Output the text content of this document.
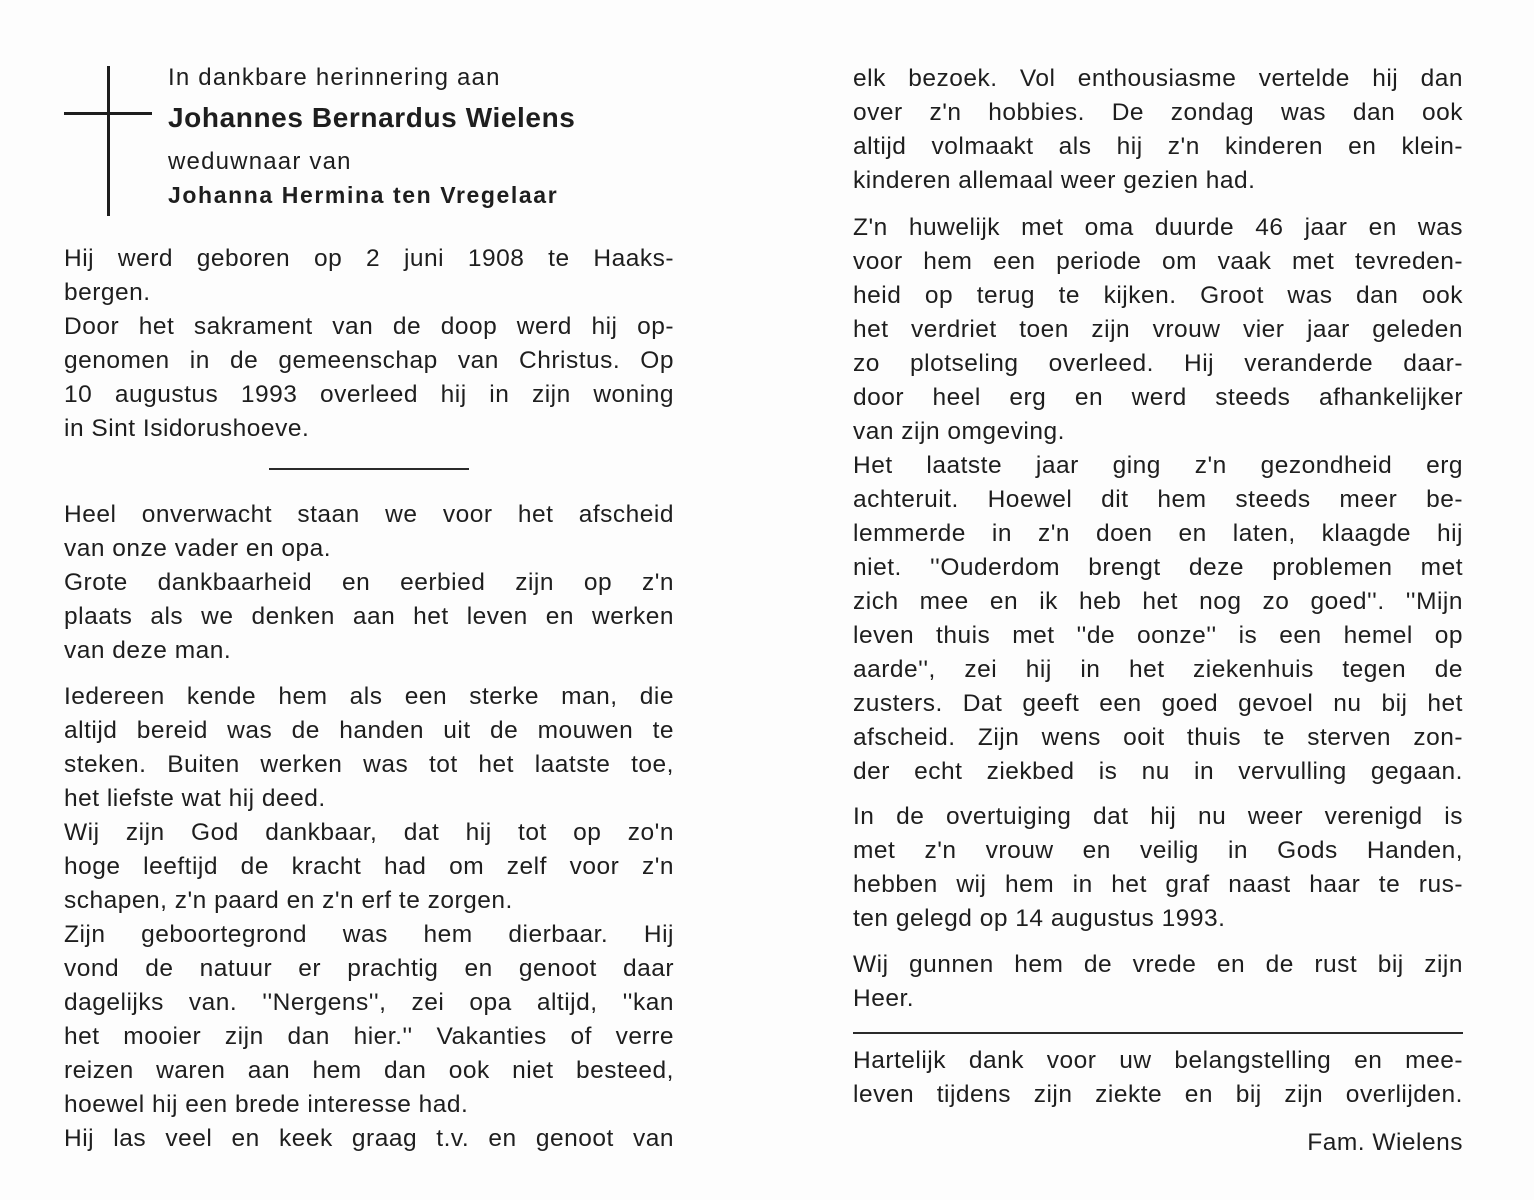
In dankbare herinnering aan
Johannes Bernardus Wielens
weduwnaar van
Johanna Hermina ten Vregelaar
Hij werd geboren op 2 juni 1908 te Haaks-
bergen.
Door het sakrament van de doop werd hij op-
genomen in de gemeenschap van Christus. Op
10 augustus 1993 overleed hij in zijn woning
in Sint Isidorushoeve.
Heel onverwacht staan we voor het afscheid
van onze vader en opa.
Grote dankbaarheid en eerbied zijn op z'n
plaats als we denken aan het leven en werken
van deze man.
Iedereen kende hem als een sterke man, die
altijd bereid was de handen uit de mouwen te
steken. Buiten werken was tot het laatste toe,
het liefste wat hij deed.
Wij zijn God dankbaar, dat hij tot op zo'n
hoge leeftijd de kracht had om zelf voor z'n
schapen, z'n paard en z'n erf te zorgen.
Zijn geboortegrond was hem dierbaar. Hij
vond de natuur er prachtig en genoot daar
dagelijks van. ''Nergens'', zei opa altijd, ''kan
het mooier zijn dan hier.'' Vakanties of verre
reizen waren aan hem dan ook niet besteed,
hoewel hij een brede interesse had.
Hij las veel en keek graag t.v. en genoot van
elk bezoek. Vol enthousiasme vertelde hij dan
over z'n hobbies. De zondag was dan ook
altijd volmaakt als hij z'n kinderen en klein-
kinderen allemaal weer gezien had.
Z'n huwelijk met oma duurde 46 jaar en was
voor hem een periode om vaak met tevreden-
heid op terug te kijken. Groot was dan ook
het verdriet toen zijn vrouw vier jaar geleden
zo plotseling overleed. Hij veranderde daar-
door heel erg en werd steeds afhankelijker
van zijn omgeving.
Het laatste jaar ging z'n gezondheid erg
achteruit. Hoewel dit hem steeds meer be-
lemmerde in z'n doen en laten, klaagde hij
niet. ''Ouderdom brengt deze problemen met
zich mee en ik heb het nog zo goed''. ''Mijn
leven thuis met ''de oonze'' is een hemel op
aarde'', zei hij in het ziekenhuis tegen de
zusters. Dat geeft een goed gevoel nu bij het
afscheid. Zijn wens ooit thuis te sterven zon-
der echt ziekbed is nu in vervulling gegaan.
In de overtuiging dat hij nu weer verenigd is
met z'n vrouw en veilig in Gods Handen,
hebben wij hem in het graf naast haar te rus-
ten gelegd op 14 augustus 1993.
Wij gunnen hem de vrede en de rust bij zijn
Heer.
Hartelijk dank voor uw belangstelling en mee-
leven tijdens zijn ziekte en bij zijn overlijden.
Fam. Wielens
